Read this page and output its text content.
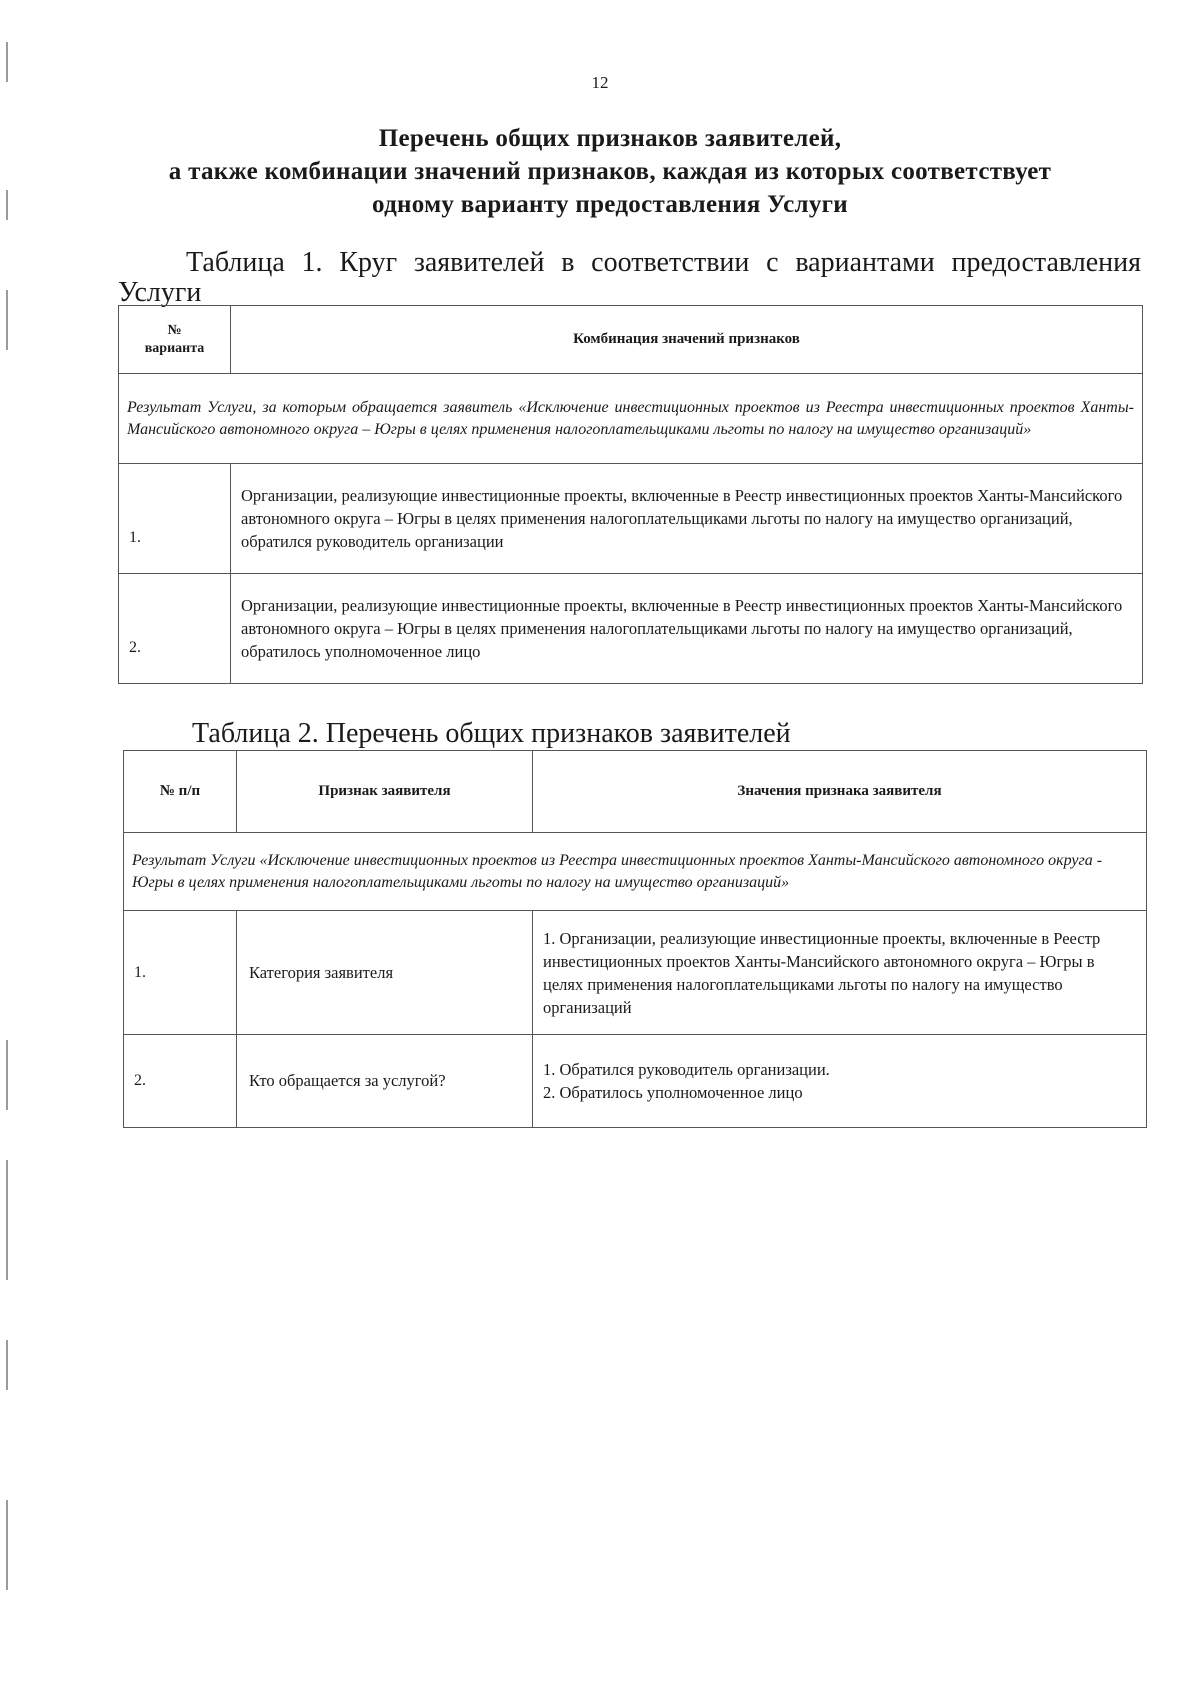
12
Перечень общих признаков заявителей,
а также комбинации значений признаков, каждая из которых соответствует
одному варианту предоставления Услуги
Таблица 1. Круг заявителей в соответствии с вариантами предоставления
Услуги
№
варианта	Комбинация значений признаков
Результат Услуги, за которым обращается заявитель «Исключение инвестиционных проектов из Реестра инвестиционных проектов Ханты-Мансийского автономного округа – Югры в целях применения налогоплательщиками льготы по налогу на имущество организаций»	
1.	Организации, реализующие инвестиционные проекты, включенные в Реестр инвестиционных проектов Ханты-Мансийского автономного округа – Югры в целях применения налогоплательщиками льготы по налогу на имущество организаций, обратился руководитель организации
2.	Организации, реализующие инвестиционные проекты, включенные в Реестр инвестиционных проектов Ханты-Мансийского автономного округа – Югры в целях применения налогоплательщиками льготы по налогу на имущество организаций, обратилось уполномоченное лицо
Таблица 2. Перечень общих признаков заявителей
№ п/п	Признак заявителя	Значения признака заявителя
Результат Услуги «Исключение инвестиционных проектов из Реестра инвестиционных проектов Ханты-Мансийского автономного округа - Югры в целях применения налогоплательщиками льготы по налогу на имущество организаций»		
1.	Категория заявителя	1. Организации, реализующие инвестиционные проекты, включенные в Реестр инвестиционных проектов Ханты-Мансийского автономного округа – Югры в целях применения налогоплательщиками льготы по налогу на имущество организаций

2.	Кто обращается за услугой?	1. Обратился руководитель организации.
2. Обратилось уполномоченное лицо
